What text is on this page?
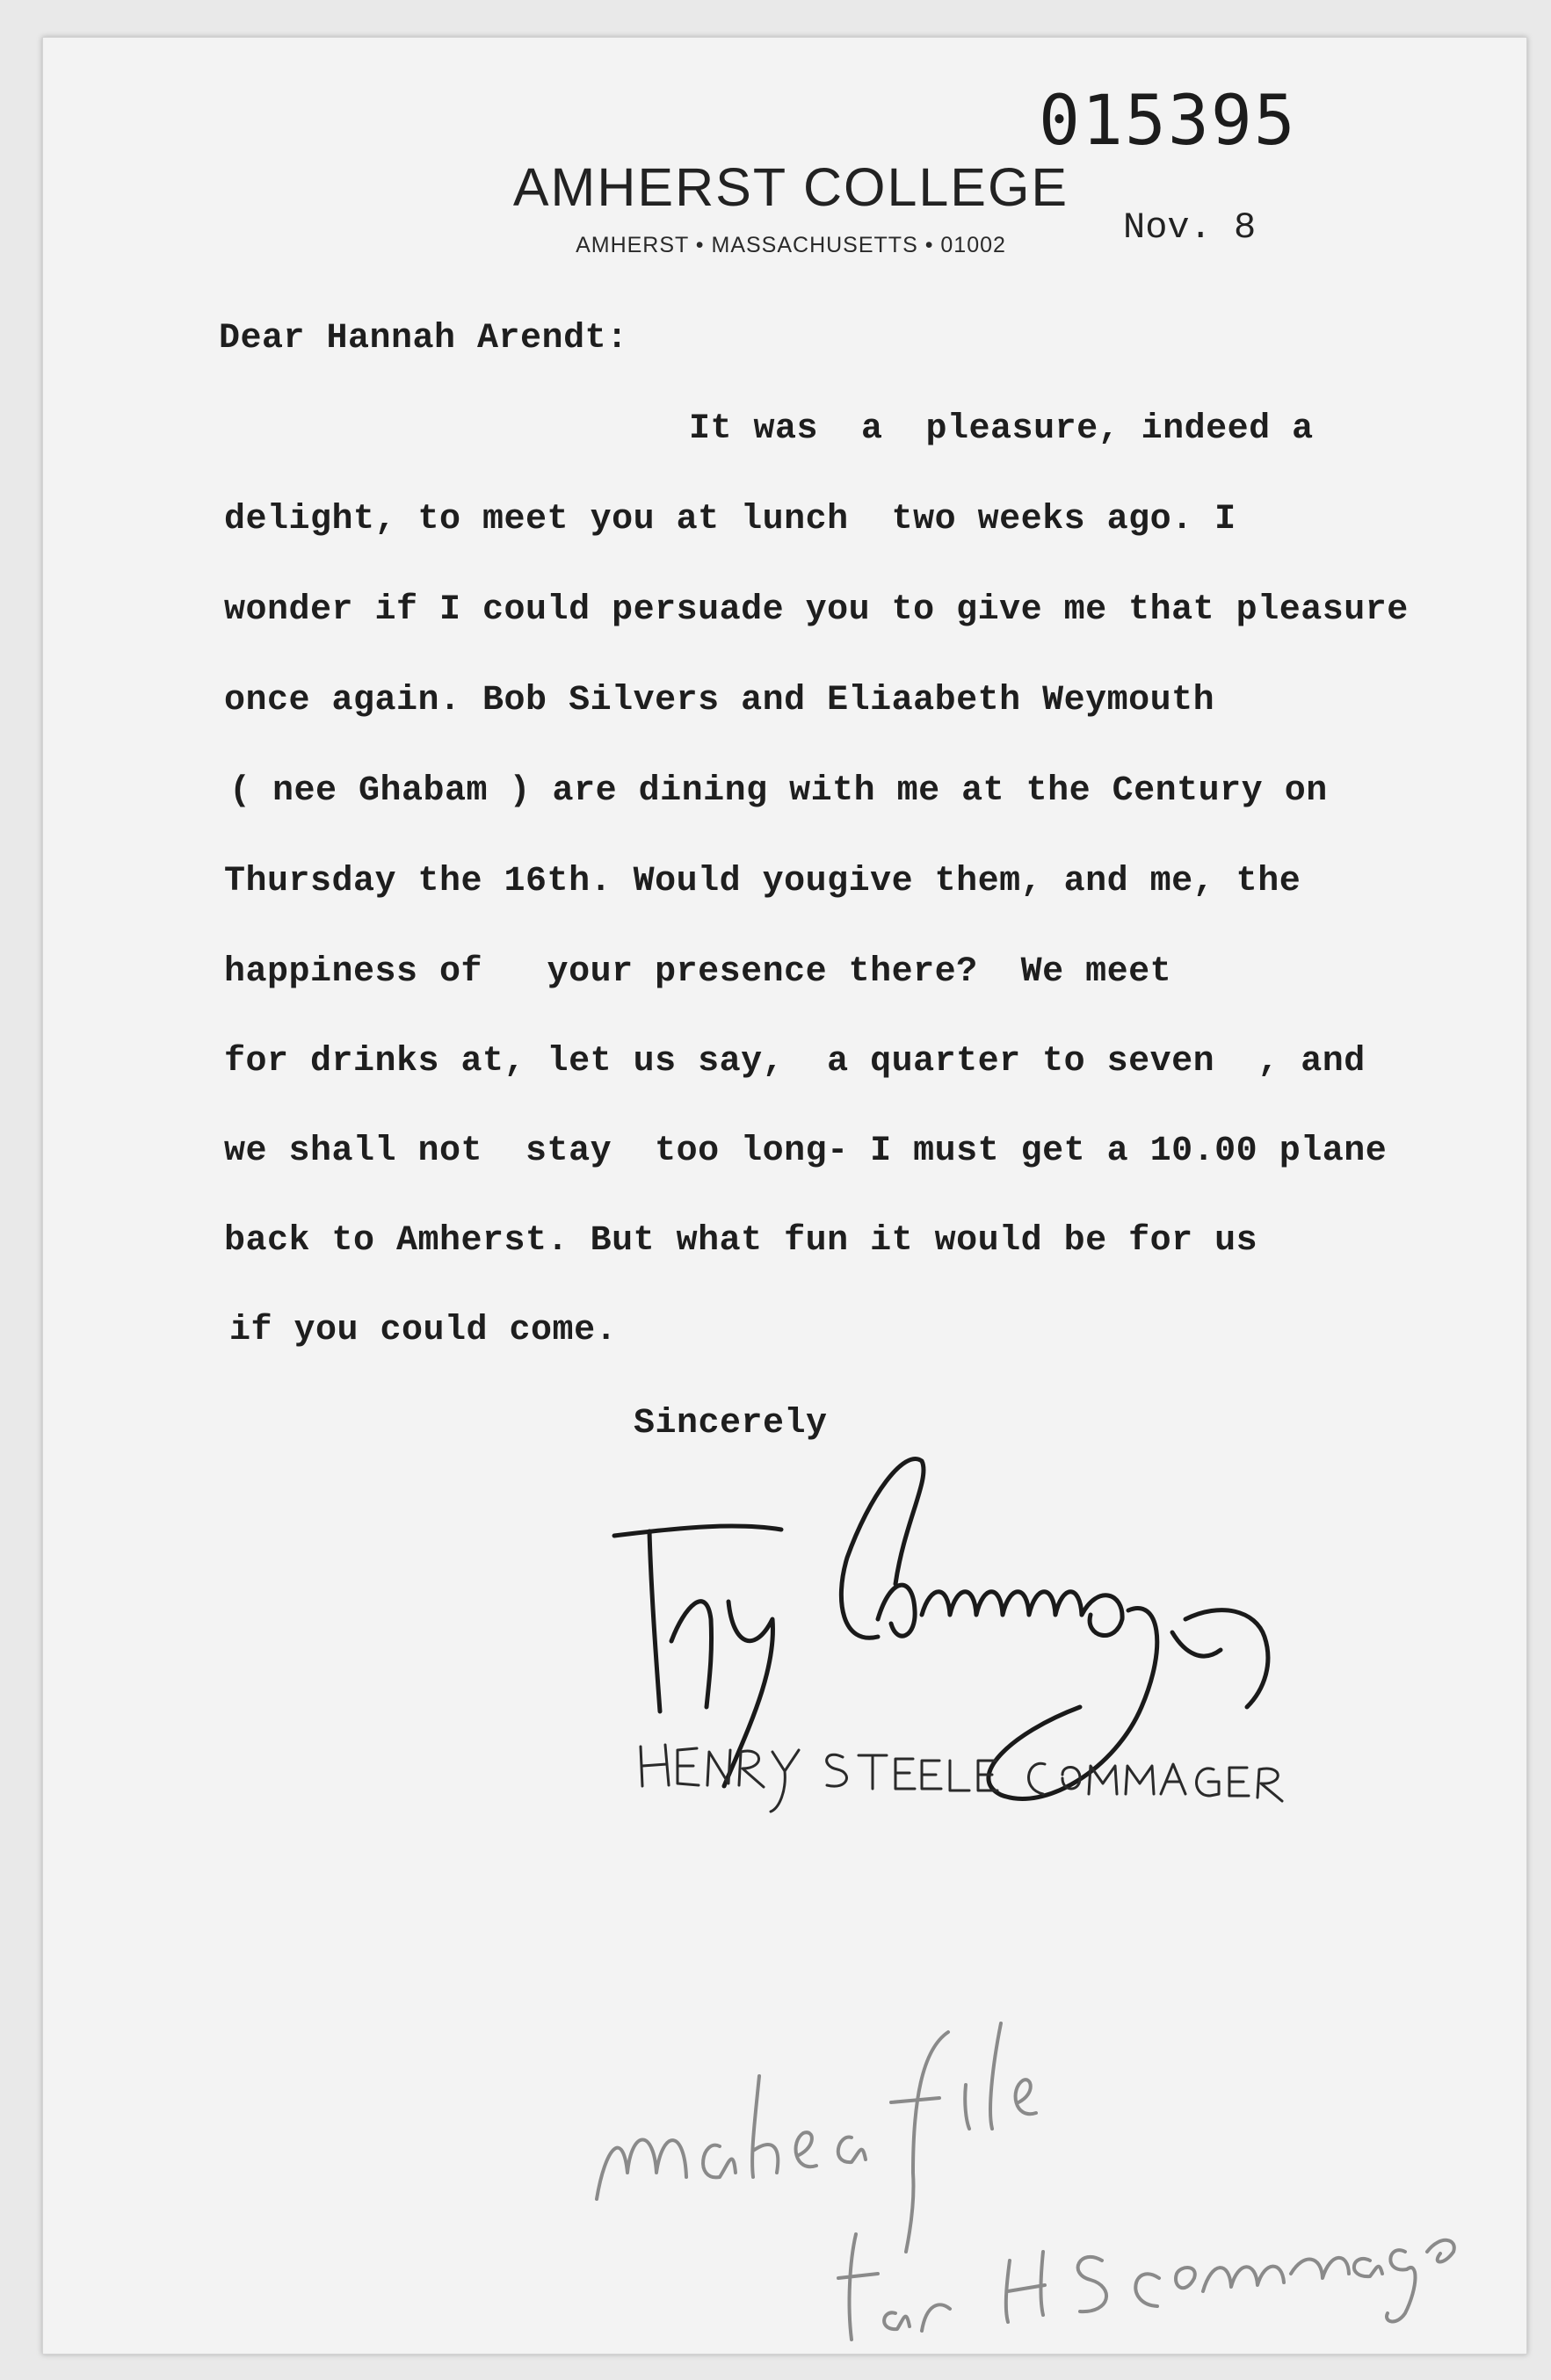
015395
AMHERST COLLEGE
AMHERST • MASSACHUSETTS • 01002	Nov. 8
Dear Hannah Arendt:
It was  a  pleasure, indeed a
delight, to meet you at lunch  two weeks ago. I
wonder if I could persuade you to give me that pleasure
once again. Bob Silvers and Eliaabeth Weymouth
( nee Ghabam ) are dining with me at the Century on
Thursday the 16th. Would yougive them, and me, the
happiness of   your presence there?  We meet
for drinks at, let us say,  a quarter to seven  , and
we shall not  stay  too long- I must get a 10.00 plane
back to Amherst. But what fun it would be for us
if you could come.
Sincerely
